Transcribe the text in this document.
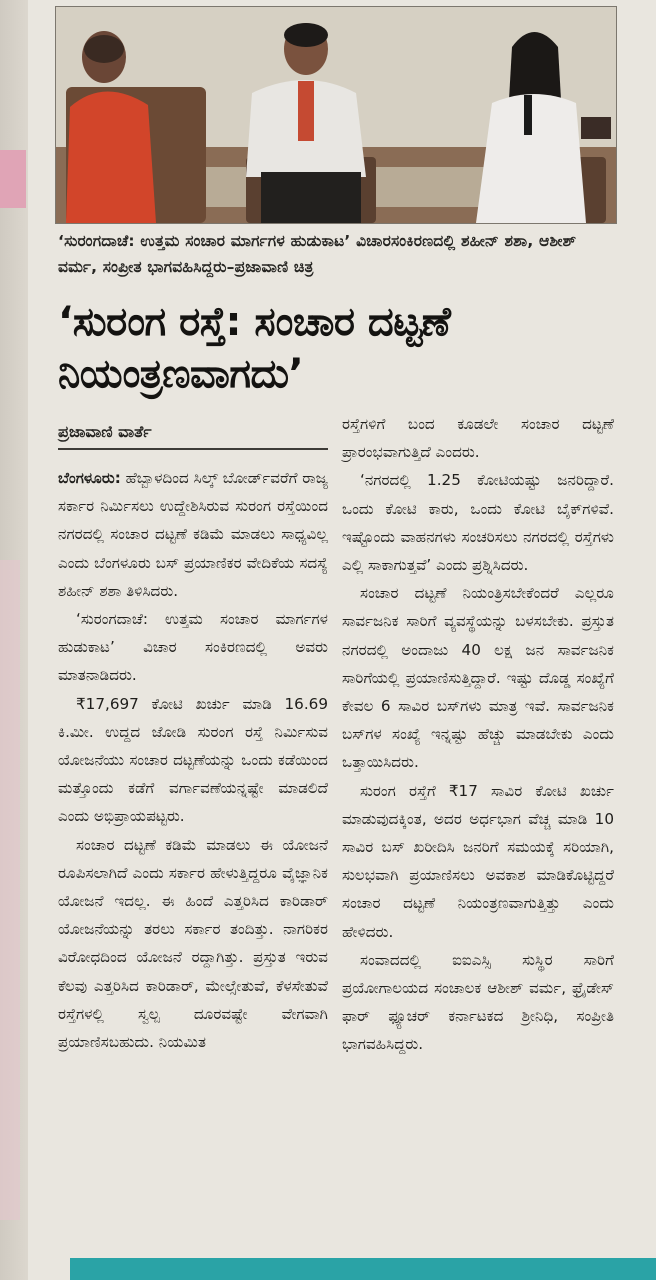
‘ಸುರಂಗದಾಚೆ: ಉತ್ತಮ ಸಂಚಾರ ಮಾರ್ಗಗಳ ಹುಡುಕಾಟ’ ವಿಚಾರಸಂಕಿರಣದಲ್ಲಿ ಶಹೀನ್ ಶಶಾ, ಆಶೀಶ್ ವರ್ಮ, ಸಂಪ್ರೀತ ಭಾಗವಹಿಸಿದ್ದರು–ಪ್ರಜಾವಾಣಿ ಚಿತ್ರ
‘ಸುರಂಗ ರಸ್ತೆ: ಸಂಚಾರ ದಟ್ಟಣೆ ನಿಯಂತ್ರಣವಾಗದು’
ಪ್ರಜಾವಾಣಿ ವಾರ್ತೆ

ಬೆಂಗಳೂರು: ಹೆಬ್ಬಾಳದಿಂದ ಸಿಲ್ಕ್ ಬೋರ್ಡ್‌ವರೆಗೆ ರಾಜ್ಯ ಸರ್ಕಾರ ನಿರ್ಮಿಸಲು ಉದ್ದೇಶಿಸಿರುವ ಸುರಂಗ ರಸ್ತೆಯಿಂದ ನಗರದಲ್ಲಿ ಸಂಚಾರ ದಟ್ಟಣೆ ಕಡಿಮೆ ಮಾಡಲು ಸಾಧ್ಯವಿಲ್ಲ ಎಂದು ಬೆಂಗಳೂರು ಬಸ್ ಪ್ರಯಾಣಿಕರ ವೇದಿಕೆಯ ಸದಸ್ಯೆ ಶಹೀನ್ ಶಶಾ ತಿಳಿಸಿದರು.

‘ಸುರಂಗದಾಚೆ: ಉತ್ತಮ ಸಂಚಾರ ಮಾರ್ಗಗಳ ಹುಡುಕಾಟ’ ವಿಚಾರ ಸಂಕಿರಣದಲ್ಲಿ ಅವರು ಮಾತನಾಡಿದರು.

₹17,697 ಕೋಟಿ ಖರ್ಚು ಮಾಡಿ 16.69 ಕಿ.ಮೀ. ಉದ್ದದ ಜೋಡಿ ಸುರಂಗ ರಸ್ತೆ ನಿರ್ಮಿಸುವ ಯೋಜನೆಯು ಸಂಚಾರ ದಟ್ಟಣೆಯನ್ನು ಒಂದು ಕಡೆಯಿಂದ ಮತ್ತೊಂದು ಕಡೆಗೆ ವರ್ಗಾವಣೆಯನ್ನಷ್ಟೇ ಮಾಡಲಿದೆ ಎಂದು ಅಭಿಪ್ರಾಯಪಟ್ಟರು.

ಸಂಚಾರ ದಟ್ಟಣೆ ಕಡಿಮೆ ಮಾಡಲು ಈ ಯೋಜನೆ ರೂಪಿಸಲಾಗಿದೆ ಎಂದು ಸರ್ಕಾರ ಹೇಳುತ್ತಿದ್ದರೂ ವೈಜ್ಞಾನಿಕ ಯೋಜನೆ ಇದಲ್ಲ. ಈ ಹಿಂದೆ ಎತ್ತರಿಸಿದ ಕಾರಿಡಾರ್ ಯೋಜನೆಯನ್ನು ತರಲು ಸರ್ಕಾರ ತಂದಿತ್ತು. ನಾಗರಿಕರ ವಿರೋಧದಿಂದ ಯೋಜನೆ ರದ್ದಾಗಿತ್ತು. ಪ್ರಸ್ತುತ ಇರುವ ಕೆಲವು ಎತ್ತರಿಸಿದ ಕಾರಿಡಾರ್, ಮೇಲ್ಸೇತುವೆ, ಕೆಳಸೇತುವೆ ರಸ್ತೆಗಳಲ್ಲಿ ಸ್ವಲ್ಪ ದೂರವಷ್ಟೇ ವೇಗವಾಗಿ ಪ್ರಯಾಣಿಸಬಹುದು. ನಿಯಮಿತ

ರಸ್ತೆಗಳಿಗೆ ಬಂದ ಕೂಡಲೇ ಸಂಚಾರ ದಟ್ಟಣೆ ಪ್ರಾರಂಭವಾಗುತ್ತಿದೆ ಎಂದರು.

‘ನಗರದಲ್ಲಿ 1.25 ಕೋಟಿಯಷ್ಟು ಜನರಿದ್ದಾರೆ. ಒಂದು ಕೋಟಿ ಕಾರು, ಒಂದು ಕೋಟಿ ಬೈಕ್‌ಗಳಿವೆ. ಇಷ್ಟೊಂದು ವಾಹನಗಳು ಸಂಚರಿಸಲು ನಗರದಲ್ಲಿ ರಸ್ತೆಗಳು ಎಲ್ಲಿ ಸಾಕಾಗುತ್ತವೆ’ ಎಂದು ಪ್ರಶ್ನಿಸಿದರು.

ಸಂಚಾರ ದಟ್ಟಣೆ ನಿಯಂತ್ರಿಸಬೇಕೆಂದರೆ ಎಲ್ಲರೂ ಸಾರ್ವಜನಿಕ ಸಾರಿಗೆ ವ್ಯವಸ್ಥೆಯನ್ನು ಬಳಸಬೇಕು. ಪ್ರಸ್ತುತ ನಗರದಲ್ಲಿ ಅಂದಾಜು 40 ಲಕ್ಷ ಜನ ಸಾರ್ವಜನಿಕ ಸಾರಿಗೆಯಲ್ಲಿ ಪ್ರಯಾಣಿಸುತ್ತಿದ್ದಾರೆ. ಇಷ್ಟು ದೊಡ್ಡ ಸಂಖ್ಯೆಗೆ ಕೇವಲ 6 ಸಾವಿರ ಬಸ್‌ಗಳು ಮಾತ್ರ ಇವೆ. ಸಾರ್ವಜನಿಕ ಬಸ್‌ಗಳ ಸಂಖ್ಯೆ ಇನ್ನಷ್ಟು ಹೆಚ್ಚು ಮಾಡಬೇಕು ಎಂದು ಒತ್ತಾಯಿಸಿದರು.

ಸುರಂಗ ರಸ್ತೆಗೆ ₹17 ಸಾವಿರ ಕೋಟಿ ಖರ್ಚು ಮಾಡುವುದಕ್ಕಿಂತ, ಅದರ ಅರ್ಧಭಾಗ ವೆಚ್ಚ ಮಾಡಿ 10 ಸಾವಿರ ಬಸ್ ಖರೀದಿಸಿ ಜನರಿಗೆ ಸಮಯಕ್ಕೆ ಸರಿಯಾಗಿ, ಸುಲಭವಾಗಿ ಪ್ರಯಾಣಿಸಲು ಅವಕಾಶ ಮಾಡಿಕೊಟ್ಟಿದ್ದರೆ ಸಂಚಾರ ದಟ್ಟಣೆ ನಿಯಂತ್ರಣವಾಗುತ್ತಿತ್ತು ಎಂದು ಹೇಳಿದರು.

ಸಂವಾದದಲ್ಲಿ ಐಐಎಸ್ಸಿ ಸುಸ್ಥಿರ ಸಾರಿಗೆ ಪ್ರಯೋಗಾಲಯದ ಸಂಚಾಲಕ ಆಶೀಶ್ ವರ್ಮ, ಫ್ರೈಡೇಸ್ ಫಾರ್ ಫ್ಯೂಚರ್ ಕರ್ನಾಟಕದ ಶ್ರೀನಿಧಿ, ಸಂಪ್ರೀತಿ ಭಾಗವಹಿಸಿದ್ದರು.
